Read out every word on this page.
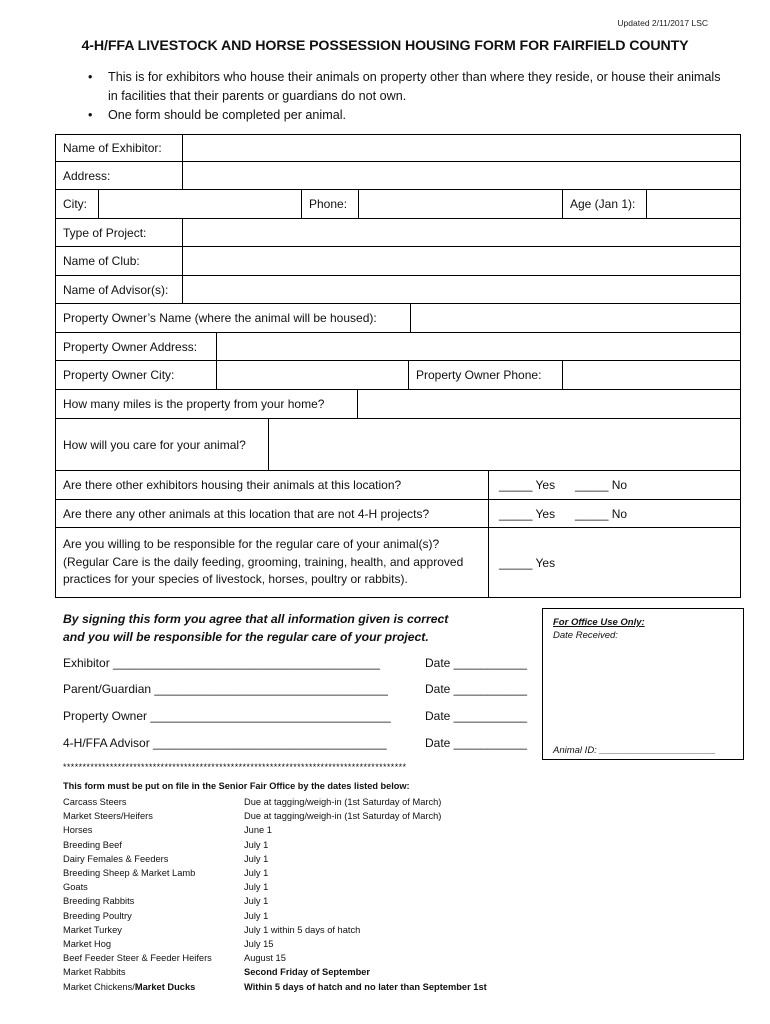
Updated 2/11/2017 LSC
4-H/FFA LIVESTOCK AND HORSE POSSESSION HOUSING FORM FOR FAIRFIELD COUNTY
•	This is for exhibitors who house their animals on property other than where they reside, or house their animals in facilities that their parents or guardians do not own.
•	One form should be completed per animal.
Name of Exhibitor:
Address:
City:	Phone:	Age (Jan 1):
Type of Project:
Name of Club:
Name of Advisor(s):
Property Owner’s Name (where the animal will be housed):
Property Owner Address:
Property Owner City:	Property Owner Phone:
How many miles is the property from your home?
How will you care for your animal?
Are there other exhibitors housing their animals at this location?	_____ Yes	_____ No
Are there any other animals at this location that are not 4-H projects?	_____ Yes	_____ No
Are you willing to be responsible for the regular care of your animal(s)? (Regular Care is the daily feeding, grooming, training, health, and approved practices for your species of livestock, horses, poultry or rabbits).
_____ Yes
By signing this form you agree that all information given is correct
and you will be responsible for the regular care of your project.
For Office Use Only:
Date Received:
Animal ID: ______________________
Exhibitor ________________________________________	Date ___________
Parent/Guardian ___________________________________	Date ___________
Property Owner ____________________________________	Date ___________
4-H/FFA Advisor ___________________________________	Date ___________
****************************************************************************************
This form must be put on file in the Senior Fair Office by the dates listed below:
Carcass Steers	Due at tagging/weigh-in (1st Saturday of March)
Market Steers/Heifers	Due at tagging/weigh-in (1st Saturday of March)
Horses	June 1
Breeding Beef	July 1
Dairy Females & Feeders	July 1
Breeding Sheep & Market Lamb	July 1
Goats	July 1
Breeding Rabbits	July 1
Breeding Poultry	July 1
Market Turkey	July 1 within 5 days of hatch
Market Hog	July 15
Beef Feeder Steer & Feeder Heifers	August 15
Market Rabbits	Second Friday of September
Market Chickens/Market Ducks	Within 5 days of hatch and no later than September 1st
